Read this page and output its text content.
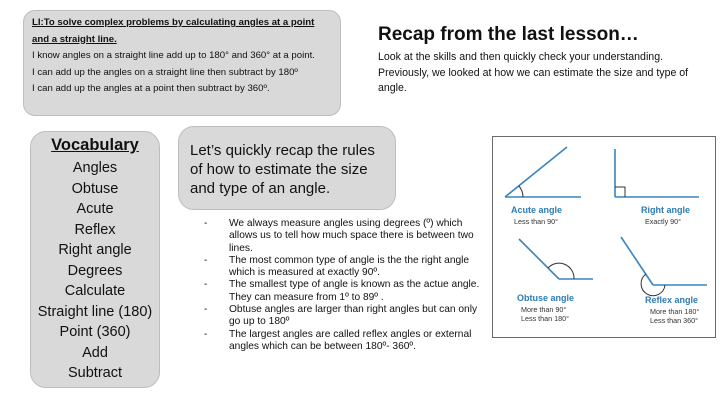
LI:To solve complex problems by calculating angles at a point and a straight line.
I know angles on a straight line add up to 180° and 360° at a point.
I can add up the angles on a straight line then subtract by 180º
I can add up the angles at a point then subtract by 360º.
Recap from the last lesson…
Look at the skills and then quickly check your understanding. Previously, we looked at how we can estimate the size and type of angle.
Vocabulary
Angles
Obtuse
Acute
Reflex
Right angle
Degrees
Calculate
Straight line (180)
Point (360)
Add
Subtract
Let’s quickly recap the rules of how to estimate the size and type of an angle.
- We always measure angles using degrees (º) which allows us to tell how much space there is between two lines.
- The most common type of angle is the the right angle which is measured at exactly 90º.
- The smallest type of angle is known as the actue angle. They can measure from 1º to 89º .
- Obtuse angles are larger than right angles but can only go up to 180º
- The largest angles are called reflex angles or external angles which can be between 180º- 360º.
Acute angle
Less than 90°
Right angle
Exactly 90°
Obtuse angle
More than 90°
Less than 180°
Reflex angle
More than 180°
Less than 360°
